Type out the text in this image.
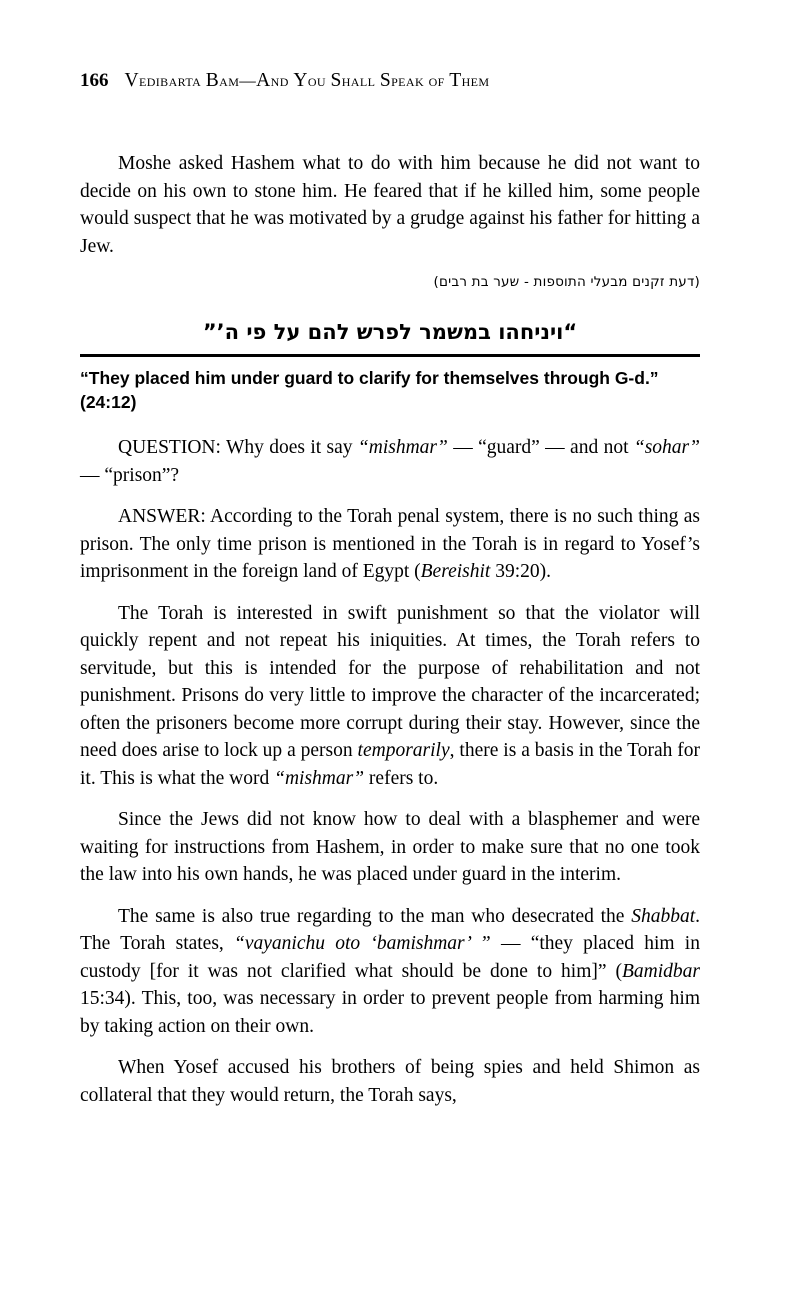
166 Vedibarta Bam—And You Shall Speak of Them

Moshe asked Hashem what to do with him because he did not want to decide on his own to stone him. He feared that if he killed him, some people would suspect that he was motivated by a grudge against his father for hitting a Jew.

(דעת זקנים מבעלי התוספות - שער בת רבים)
“ויניחהו במשמר לפרש להם על פי ה’”
“They placed him under guard to clarify for themselves through G-d.” (24:12)

QUESTION: Why does it say “mishmar” — “guard” — and not “sohar” — “prison”?

ANSWER: According to the Torah penal system, there is no such thing as prison. The only time prison is mentioned in the Torah is in regard to Yosef’s imprisonment in the foreign land of Egypt (Bereishit 39:20).

The Torah is interested in swift punishment so that the violator will quickly repent and not repeat his iniquities. At times, the Torah refers to servitude, but this is intended for the purpose of rehabilitation and not punishment. Prisons do very little to improve the character of the incarcerated; often the prisoners become more corrupt during their stay. However, since the need does arise to lock up a person temporarily, there is a basis in the Torah for it. This is what the word “mishmar” refers to.

Since the Jews did not know how to deal with a blasphemer and were waiting for instructions from Hashem, in order to make sure that no one took the law into his own hands, he was placed under guard in the interim.

The same is also true regarding to the man who desecrated the Shabbat. The Torah states, “vayanichu oto ‘bamishmar’ ” — “they placed him in custody [for it was not clarified what should be done to him]” (Bamidbar 15:34). This, too, was necessary in order to prevent people from harming him by taking action on their own.

When Yosef accused his brothers of being spies and held Shimon as collateral that they would return, the Torah says,
